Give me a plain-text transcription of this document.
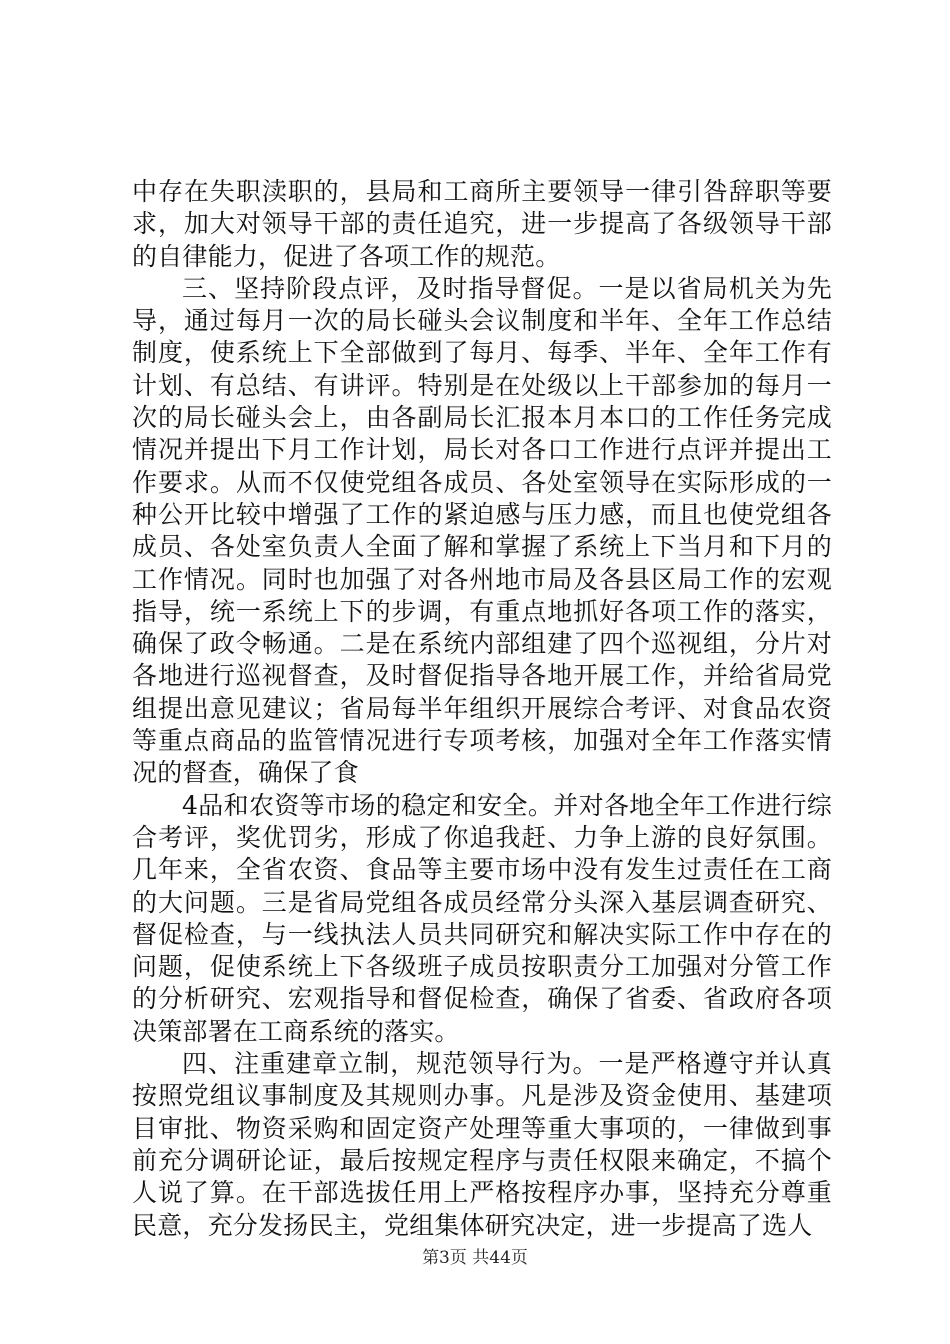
中存在失职渎职的，县局和工商所主要领导一律引咎辞职等要求，加大对领导干部的责任追究，进一步提高了各级领导干部的自律能力，促进了各项工作的规范。

三、坚持阶段点评，及时指导督促。一是以省局机关为先导，通过每月一次的局长碰头会议制度和半年、全年工作总结制度，使系统上下全部做到了每月、每季、半年、全年工作有计划、有总结、有讲评。特别是在处级以上干部参加的每月一次的局长碰头会上，由各副局长汇报本月本口的工作任务完成情况并提出下月工作计划，局长对各口工作进行点评并提出工作要求。从而不仅使党组各成员、各处室领导在实际形成的一种公开比较中增强了工作的紧迫感与压力感，而且也使党组各成员、各处室负责人全面了解和掌握了系统上下当月和下月的工作情况。同时也加强了对各州地市局及各县区局工作的宏观指导，统一系统上下的步调，有重点地抓好各项工作的落实，确保了政令畅通。二是在系统内部组建了四个巡视组，分片对各地进行巡视督查，及时督促指导各地开展工作，并给省局党组提出意见建议；省局每半年组织开展综合考评、对食品农资等重点商品的监管情况进行专项考核，加强对全年工作落实情况的督查，确保了食

4品和农资等市场的稳定和安全。并对各地全年工作进行综合考评，奖优罚劣，形成了你追我赶、力争上游的良好氛围。几年来，全省农资、食品等主要市场中没有发生过责任在工商的大问题。三是省局党组各成员经常分头深入基层调查研究、督促检查，与一线执法人员共同研究和解决实际工作中存在的问题，促使系统上下各级班子成员按职责分工加强对分管工作的分析研究、宏观指导和督促检查，确保了省委、省政府各项决策部署在工商系统的落实。

四、注重建章立制，规范领导行为。一是严格遵守并认真按照党组议事制度及其规则办事。凡是涉及资金使用、基建项目审批、物资采购和固定资产处理等重大事项的，一律做到事前充分调研论证，最后按规定程序与责任权限来确定，不搞个人说了算。在干部选拔任用上严格按程序办事，坚持充分尊重民意，充分发扬民主，党组集体研究决定，进一步提高了选人

第3页 共44页
